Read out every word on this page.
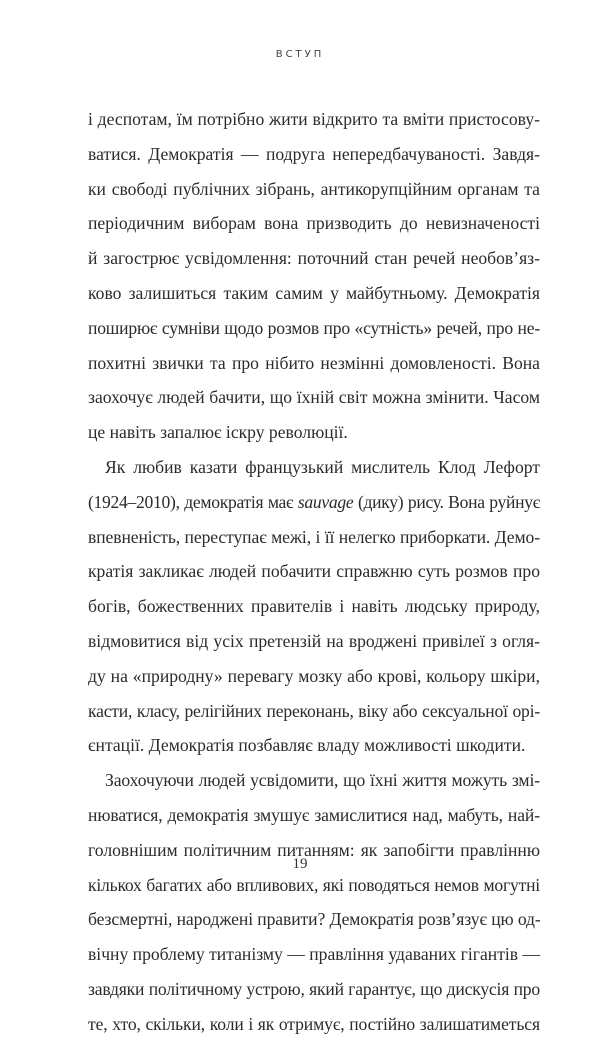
ВСТУП
і деспотам, їм потрібно жити відкрито та вміти пристосову-
ватися. Демократія — подруга непередбачуваності. Завдя-
ки свободі публічних зібрань, антикорупційним органам та
періодичним виборам вона призводить до невизначеності
й загострює усвідомлення: поточний стан речей необов’яз-
ково залишиться таким самим у майбутньому. Демократія
поширює сумніви щодо розмов про «сутність» речей, про не-
похитні звички та про нібито незмінні домовленості. Вона
заохочує людей бачити, що їхній світ можна змінити. Часом
це навіть запалює іскру революції.
Як любив казати французький мислитель Клод Лефорт
(1924–2010), демократія має sauvage (дику) рису. Вона руйнує
впевненість, переступає межі, і її нелегко приборкати. Демо-
кратія закликає людей побачити справжню суть розмов про
богів, божественних правителів і навіть людську природу,
відмовитися від усіх претензій на вроджені привілеї з огля-
ду на «природну» перевагу мозку або крові, кольору шкіри,
касти, класу, релігійних переконань, віку або сексуальної орі-
єнтації. Демократія позбавляє владу можливості шкодити.
Заохочуючи людей усвідомити, що їхні життя можуть змі-
нюватися, демократія змушує замислитися над, мабуть, най-
головнішим політичним питанням: як запобігти правлінню
кількох багатих або впливових, які поводяться немов могутні
безсмертні, народжені правити? Демократія розв’язує цю од-
вічну проблему титанізму — правління удаваних гігантів —
завдяки політичному устрою, який гарантує, що дискусія про
те, хто, скільки, коли і як отримує, постійно залишатиметься
19
